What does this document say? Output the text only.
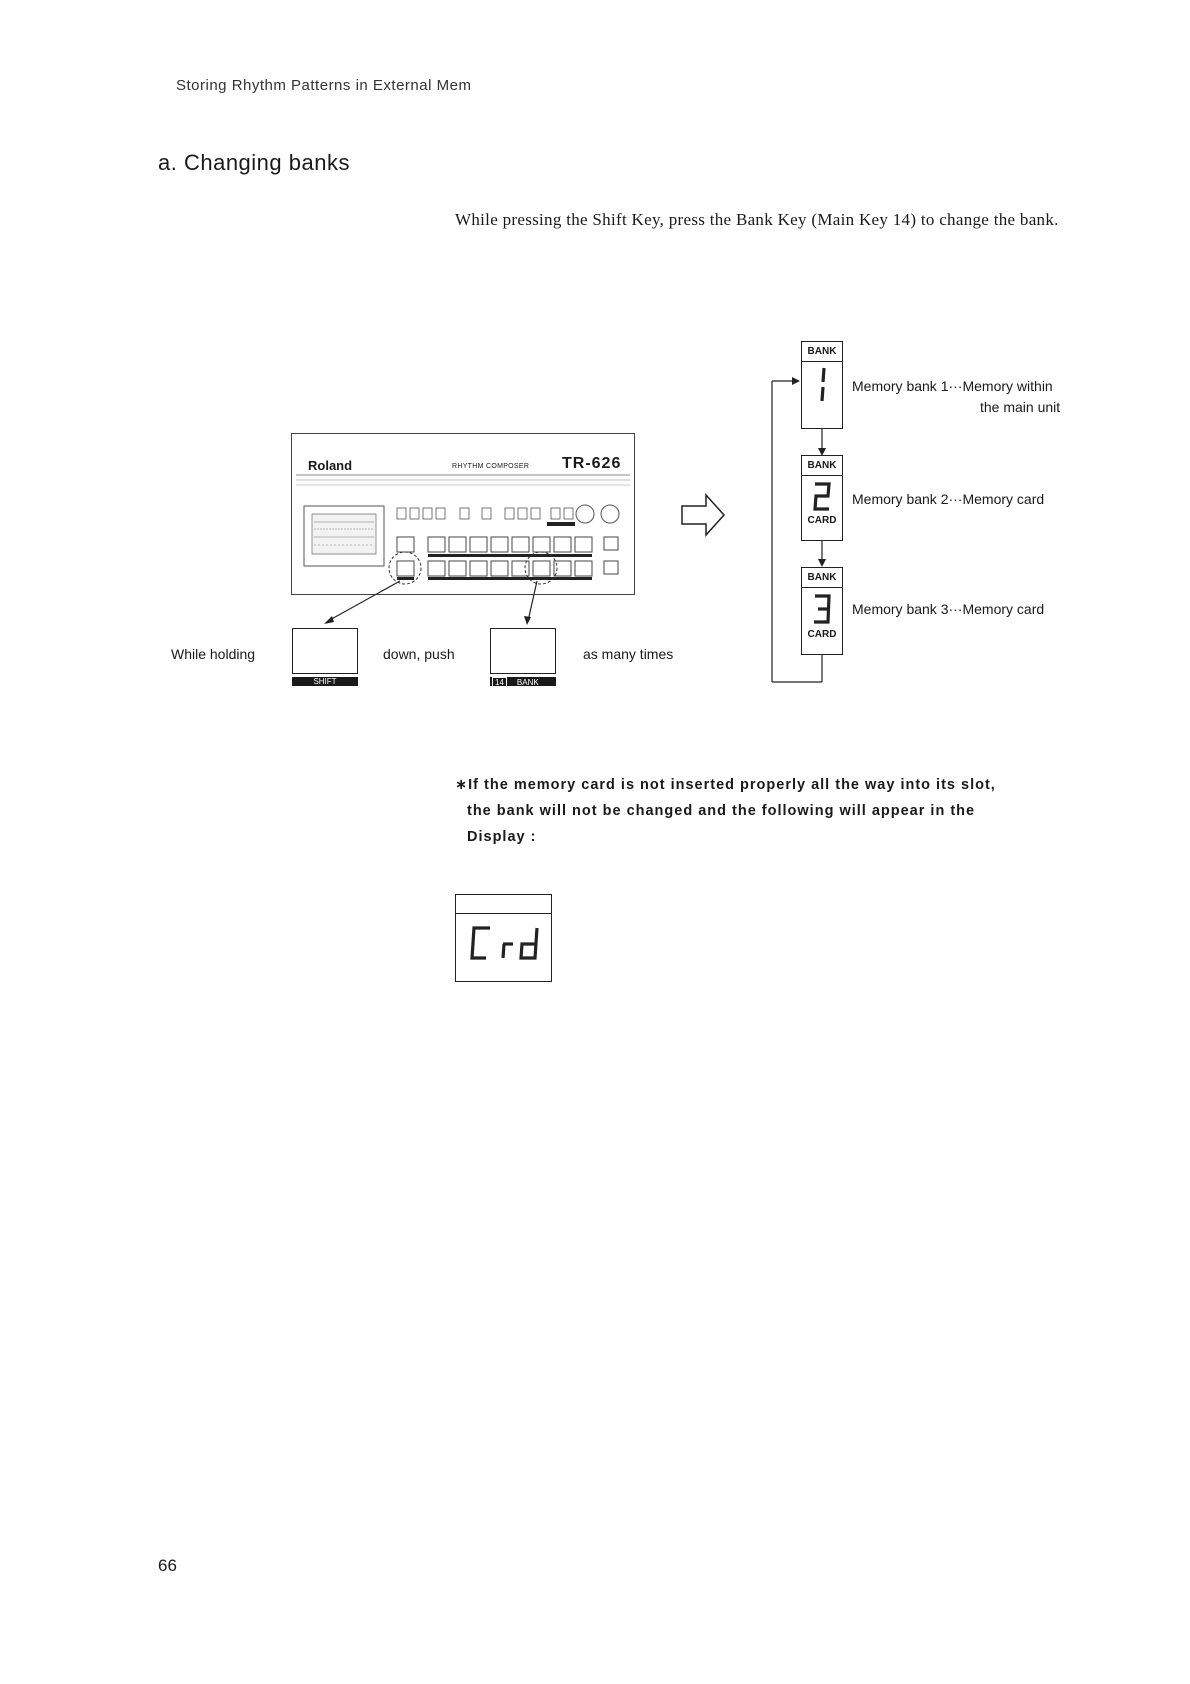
Storing Rhythm Patterns in External Mem
a. Changing banks
While pressing the Shift Key, press the Bank Key (Main Key 14) to change the bank.
Roland	RHYTHM COMPOSER TR-626
While holding
SHIFT
down, push
14 BANK
as many times
BANK
Memory bank 1···Memory within
the main unit
BANK
CARD
Memory bank 2···Memory card
BANK
CARD
Memory bank 3···Memory card
∗If the memory card is not inserted properly all the way into its slot,
the bank will not be changed and the following will appear in the
Display :
66
